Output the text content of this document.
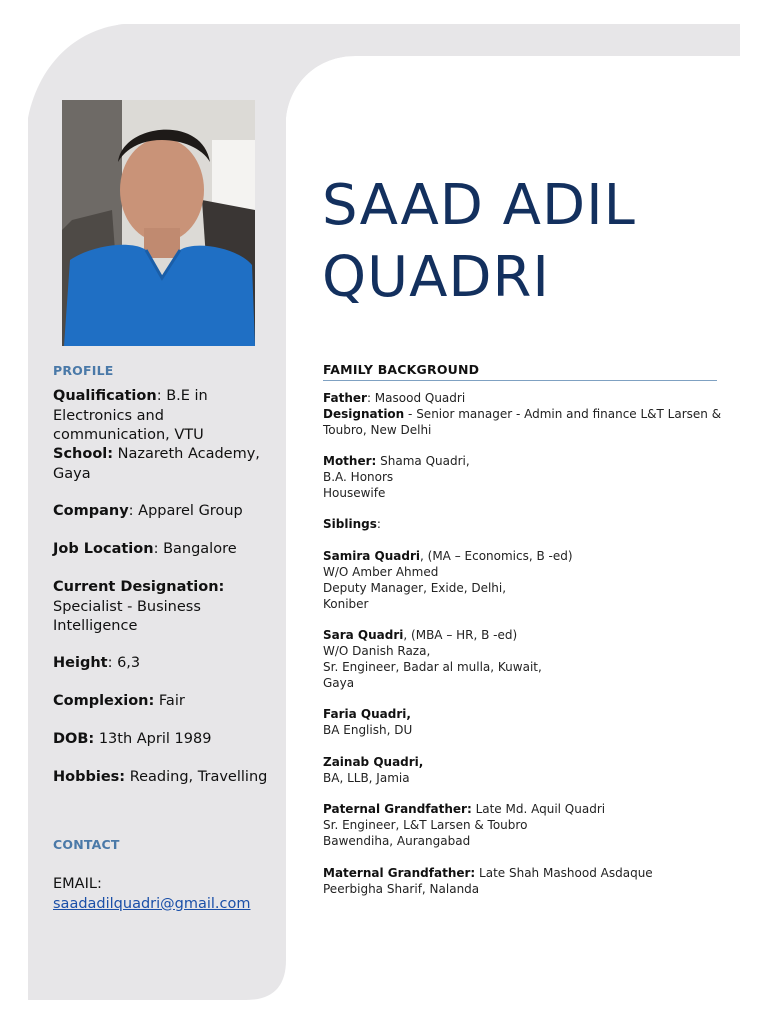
SAAD ADIL
QUADRI
PROFILE
Qualification: B.E in Electronics and communication, VTU
School: Nazareth Academy, Gaya
Company: Apparel Group
Job Location: Bangalore
Current Designation:
Specialist - Business Intelligence
Height: 6,3
Complexion: Fair
DOB: 13th April 1989
Hobbies: Reading, Travelling
CONTACT
EMAIL:
saadadilquadri@gmail.com
FAMILY BACKGROUND
Father: Masood Quadri
Designation - Senior manager - Admin and finance L&T Larsen & Toubro, New Delhi
Mother: Shama Quadri,
B.A. Honors
Housewife
Siblings:
Samira Quadri, (MA – Economics, B -ed)
W/O Amber Ahmed
Deputy Manager, Exide, Delhi,
Koniber
Sara Quadri, (MBA – HR, B -ed)
W/O Danish Raza,
Sr. Engineer, Badar al mulla, Kuwait,
Gaya
Faria Quadri,
BA English, DU
Zainab Quadri,
BA, LLB, Jamia
Paternal Grandfather: Late Md. Aquil Quadri
Sr. Engineer, L&T Larsen & Toubro
Bawendiha, Aurangabad
Maternal Grandfather: Late Shah Mashood Asdaque
Peerbigha Sharif, Nalanda
